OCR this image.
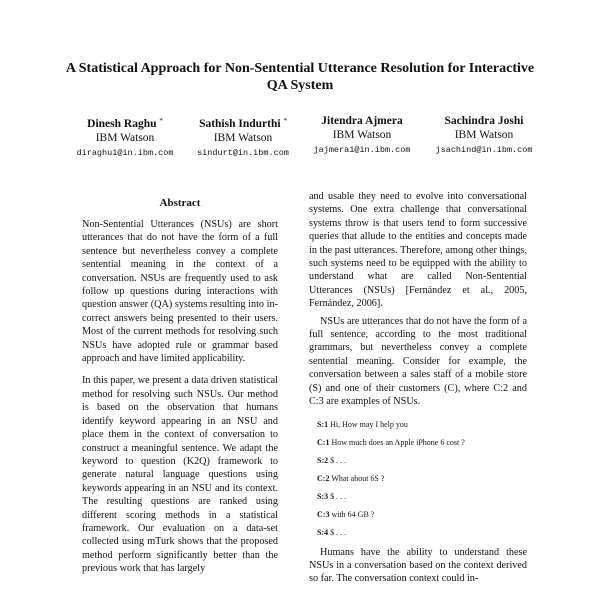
A Statistical Approach for Non-Sentential Utterance Resolution for Interactive QA System
Dinesh Raghu *
IBM Watson
diraghu1@in.ibm.com
Sathish Indurthi *
IBM Watson
sindurt@in.ibm.com
Jitendra Ajmera
IBM Watson
jajmera1@in.ibm.com
Sachindra Joshi
IBM Watson
jsachind@in.ibm.com
Abstract

Non-Sentential Utterances (NSUs) are short utterances that do not have the form of a full sentence but nevertheless convey a complete sentential meaning in the context of a conversation. NSUs are frequently used to ask follow up questions during interactions with question answer (QA) systems resulting into in-correct answers being presented to their users. Most of the current methods for resolving such NSUs have adopted rule or grammar based approach and have limited applicability.

In this paper, we present a data driven statistical method for resolving such NSUs. Our method is based on the observation that humans identify keyword appearing in an NSU and place them in the context of conversation to construct a meaningful sentence. We adapt the keyword to question (K2Q) framework to generate natural language questions using keywords appearing in an NSU and its context. The resulting questions are ranked using different scoring methods in a statistical framework. Our evaluation on a data-set collected using mTurk shows that the proposed method perform significantly better than the previous work that has largely

and usable they need to evolve into conversational systems. One extra challenge that conversational systems throw is that users tend to form successive queries that allude to the entities and concepts made in the past utterances. Therefore, among other things, such systems need to be equipped with the ability to understand what are called Non-Sentential Utterances (NSUs) [Fernández et al., 2005, Fernández, 2006].

NSUs are utterances that do not have the form of a full sentence, according to the most traditional grammars, but nevertheless convey a complete sentential meaning. Consider for example, the conversation between a sales staff of a mobile store (S) and one of their customers (C), where C:2 and C:3 are examples of NSUs.

S:1 Hi, How may I help you
C:1 How much does an Apple iPhone 6 cost ?
S:2 $ . . .
C:2 What about 6S ?
S:3 $ . . .
C:3 with 64 GB ?
S:4 $ . . .

Humans have the ability to understand these NSUs in a conversation based on the context derived so far. The conversation context could in-
